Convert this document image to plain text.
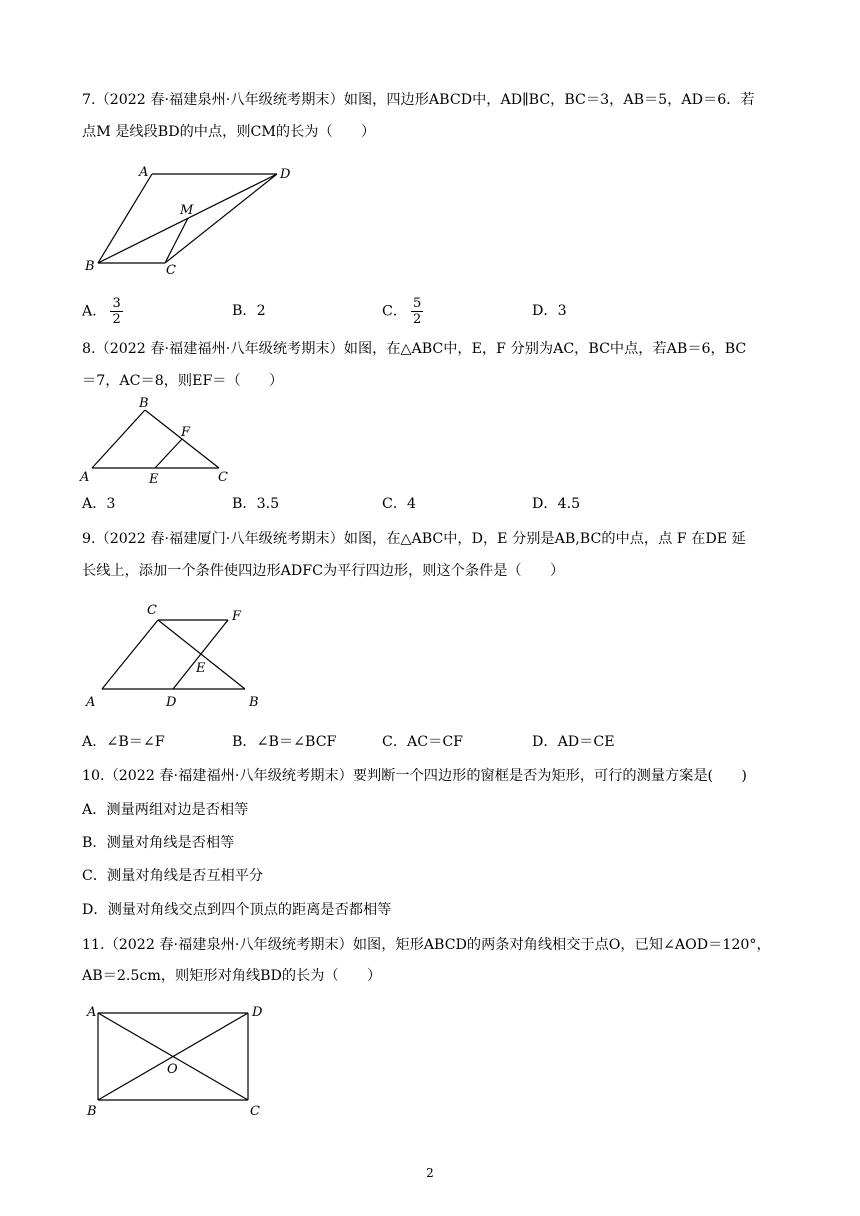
7.（2022 春·福建泉州·八年级统考期末）如图，四边形ABCD中，AD∥BC，BC＝3，AB＝5，AD＝6．若
点M 是线段BD的中点，则CM的长为（　　）
A	D
M
B	C
A． $\frac{3}{2}$	B．2	C． $\frac{5}{2}$	D．3
8.（2022 春·福建福州·八年级统考期末）如图，在△ABC中，E，F 分别为AC，BC中点，若AB＝6，BC
＝7，AC＝8，则EF＝（　　）
B
F
A	E	C
A．3	B．3.5	C．4	D．4.5
9.（2022 春·福建厦门·八年级统考期末）如图，在△ABC中，D，E 分别是AB,BC的中点，点 F 在DE 延
长线上，添加一个条件使四边形ADFC为平行四边形，则这个条件是（　　）
C	F
E
A	D	B
A．∠B＝∠F	B．∠B＝∠BCF	C．AC＝CF	D．AD＝CE
10.（2022 春·福建福州·八年级统考期末）要判断一个四边形的窗框是否为矩形，可行的测量方案是(　　)
A．测量两组对边是否相等
B．测量对角线是否相等
C．测量对角线是否互相平分
D．测量对角线交点到四个顶点的距离是否都相等
11.（2022 春·福建泉州·八年级统考期末）如图，矩形ABCD的两条对角线相交于点O，已知∠AOD＝120°，
AB＝2.5cm，则矩形对角线BD的长为（　　）
A	D
O
B	C
2
